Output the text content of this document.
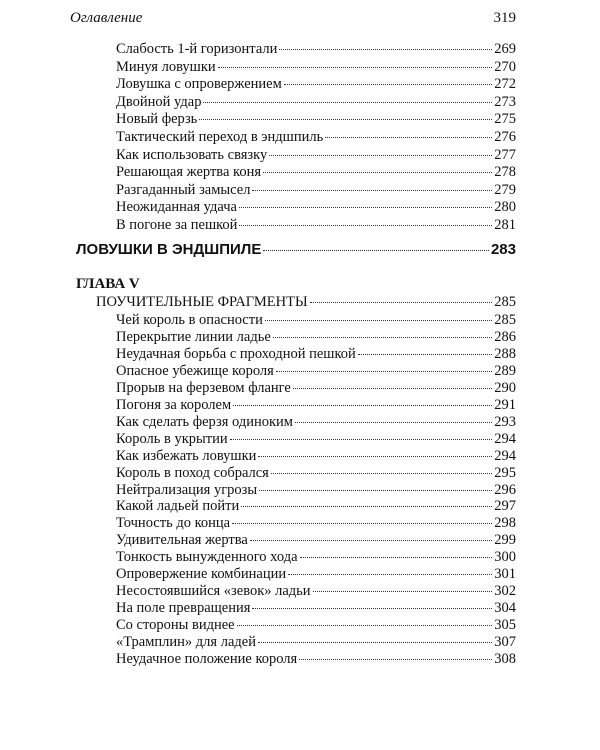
Оглавление	319
Слабость 1-й горизонтали	269
Минуя ловушки	270
Ловушка с опровержением	272
Двойной удар	273
Новый ферзь	275
Тактический переход в эндшпиль	276
Как использовать связку	277
Решающая жертва коня	278
Разгаданный замысел	279
Неожиданная удача	280
В погоне за пешкой	281
ЛОВУШКИ В ЭНДШПИЛЕ	283
ГЛАВА V
ПОУЧИТЕЛЬНЫЕ ФРАГМЕНТЫ	285
Чей король в опасности	285
Перекрытие линии ладье	286
Неудачная борьба с проходной пешкой	288
Опасное убежище короля	289
Прорыв на ферзевом фланге	290
Погоня за королем	291
Как сделать ферзя одиноким	293
Король в укрытии	294
Как избежать ловушки	294
Король в поход собрался	295
Нейтрализация угрозы	296
Какой ладьей пойти	297
Точность до конца	298
Удивительная жертва	299
Тонкость вынужденного хода	300
Опровержение комбинации	301
Несостоявшийся «зевок» ладьи	302
На поле превращения	304
Со стороны виднее	305
«Трамплин» для ладей	307
Неудачное положение короля	308
